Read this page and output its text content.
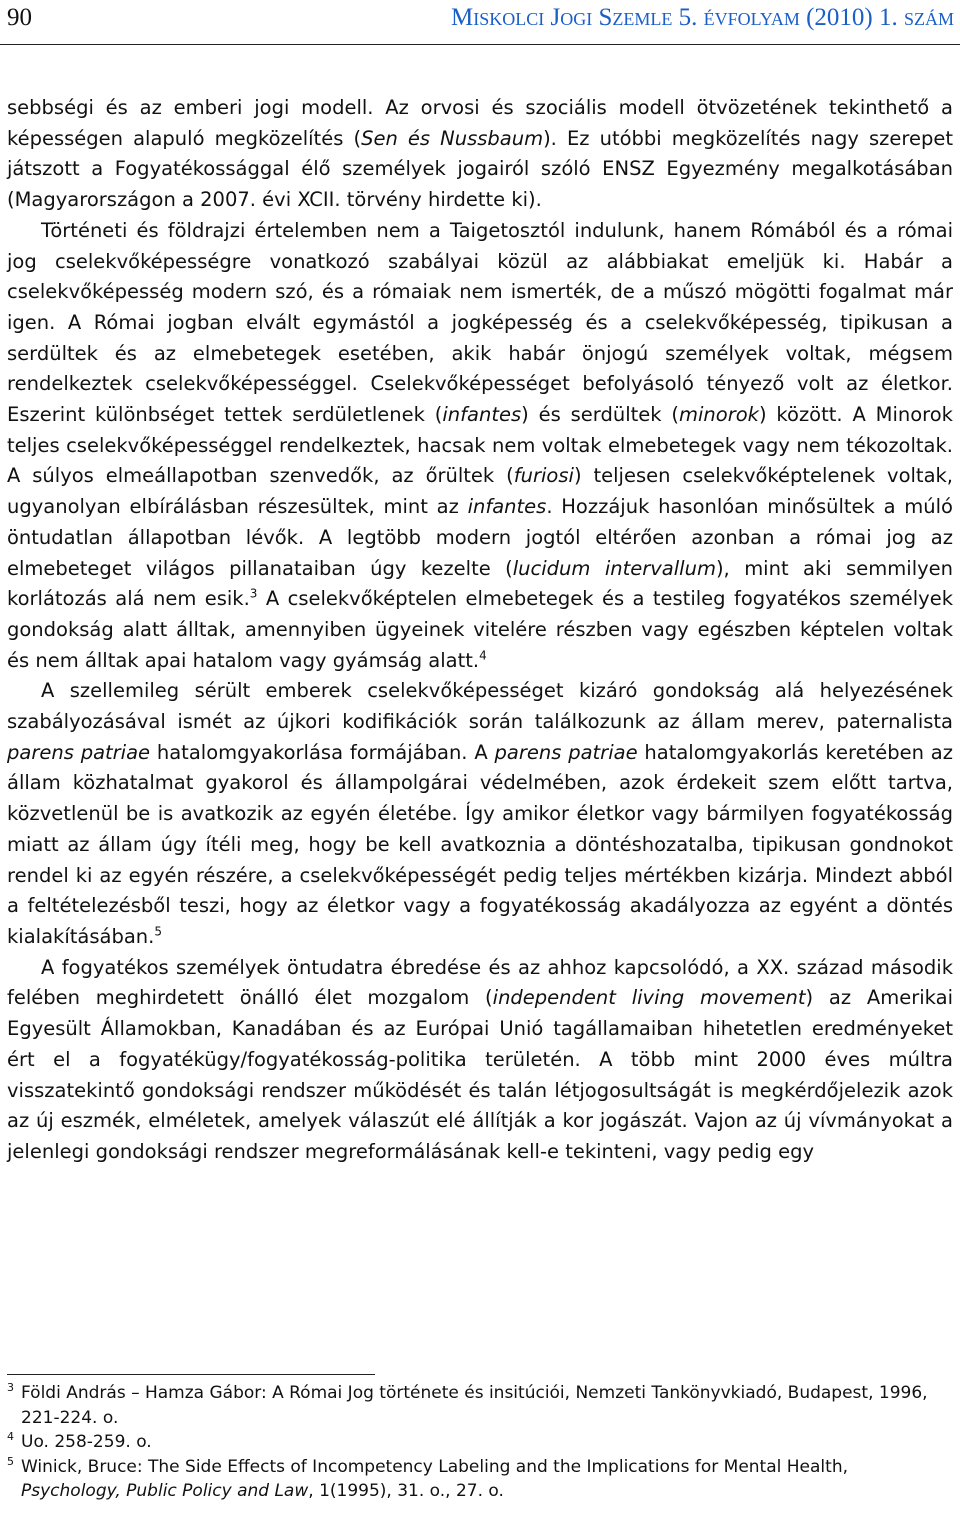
90	Miskolci Jogi Szemle 5. évfolyam (2010) 1. szám

sebbségi és az emberi jogi modell. Az orvosi és szociális modell ötvözetének tekinthető a képességen alapuló megközelítés (Sen és Nussbaum). Ez utóbbi megközelítés nagy szerepet játszott a Fogyatékossággal élő személyek jogairól szóló ENSZ Egyezmény megalkotásában (Magyarországon a 2007. évi XCII. törvény hirdette ki).

Történeti és földrajzi értelemben nem a Taigetosztól indulunk, hanem Rómából és a római jog cselekvőképességre vonatkozó szabályai közül az alábbiakat emeljük ki. Habár a cselekvőképesség modern szó, és a rómaiak nem ismerték, de a műszó mögötti fogalmat már igen. A Római jogban elvált egymástól a jogképesség és a cselekvőképesség, tipikusan a serdültek és az elmebetegek esetében, akik habár önjogú személyek voltak, mégsem rendelkeztek cselekvőképességgel. Cselekvőképességet befolyásoló tényező volt az életkor. Eszerint különbséget tettek serdületlenek (infantes) és serdültek (minorok) között. A Minorok teljes cselekvőképességgel rendelkeztek, hacsak nem voltak elmebetegek vagy nem tékozoltak. A súlyos elmeállapotban szenvedők, az őrültek (furiosi) teljesen cselekvőképtelenek voltak, ugyanolyan elbírálásban részesültek, mint az infantes. Hozzájuk hasonlóan minősültek a múló öntudatlan állapotban lévők. A legtöbb modern jogtól eltérően azonban a római jog az elmebeteget világos pillanataiban úgy kezelte (lucidum intervallum), mint aki semmilyen korlátozás alá nem esik.$^3$ A cselekvőképtelen elmebetegek és a testileg fogyatékos személyek gondokság alatt álltak, amennyiben ügyeinek vitelére részben vagy egészben képtelen voltak és nem álltak apai hatalom vagy gyámság alatt.$^4$

A szellemileg sérült emberek cselekvőképességet kizáró gondokság alá helyezésének szabályozásával ismét az újkori kodifikációk során találkozunk az állam merev, paternalista parens patriae hatalomgyakorlása formájában. A parens patriae hatalomgyakorlás keretében az állam közhatalmat gyakorol és állampolgárai védelmében, azok érdekeit szem előtt tartva, közvetlenül be is avatkozik az egyén életébe. Így amikor életkor vagy bármilyen fogyatékosság miatt az állam úgy ítéli meg, hogy be kell avatkoznia a döntéshozatalba, tipikusan gondnokot rendel ki az egyén részére, a cselekvőképességét pedig teljes mértékben kizárja. Mindezt abból a feltételezésből teszi, hogy az életkor vagy a fogyatékosság akadályozza az egyént a döntés kialakításában.$^5$

A fogyatékos személyek öntudatra ébredése és az ahhoz kapcsolódó, a XX. század második felében meghirdetett önálló élet mozgalom (independent living movement) az Amerikai Egyesült Államokban, Kanadában és az Európai Unió tagállamaiban hihetetlen eredményeket ért el a fogyatékügy/fogyatékosság-politika területén. A több mint 2000 éves múltra visszatekintő gondoksági rendszer működését és talán létjogosultságát is megkérdőjelezik azok az új eszmék, elméletek, amelyek válaszút elé állítják a kor jogászát. Vajon az új vívmányokat a jelenlegi gondoksági rendszer megreformálásának kell-e tekinteni, vagy pedig egy

3 Földi András – Hamza Gábor: A Római Jog története és insitúciói, Nemzeti Tankönyvkiadó, Budapest, 1996, 221-224. o.
4 Uo. 258-259. o.
5 Winick, Bruce: The Side Effects of Incompetency Labeling and the Implications for Mental Health, Psychology, Public Policy and Law, 1(1995), 31. o., 27. o.
